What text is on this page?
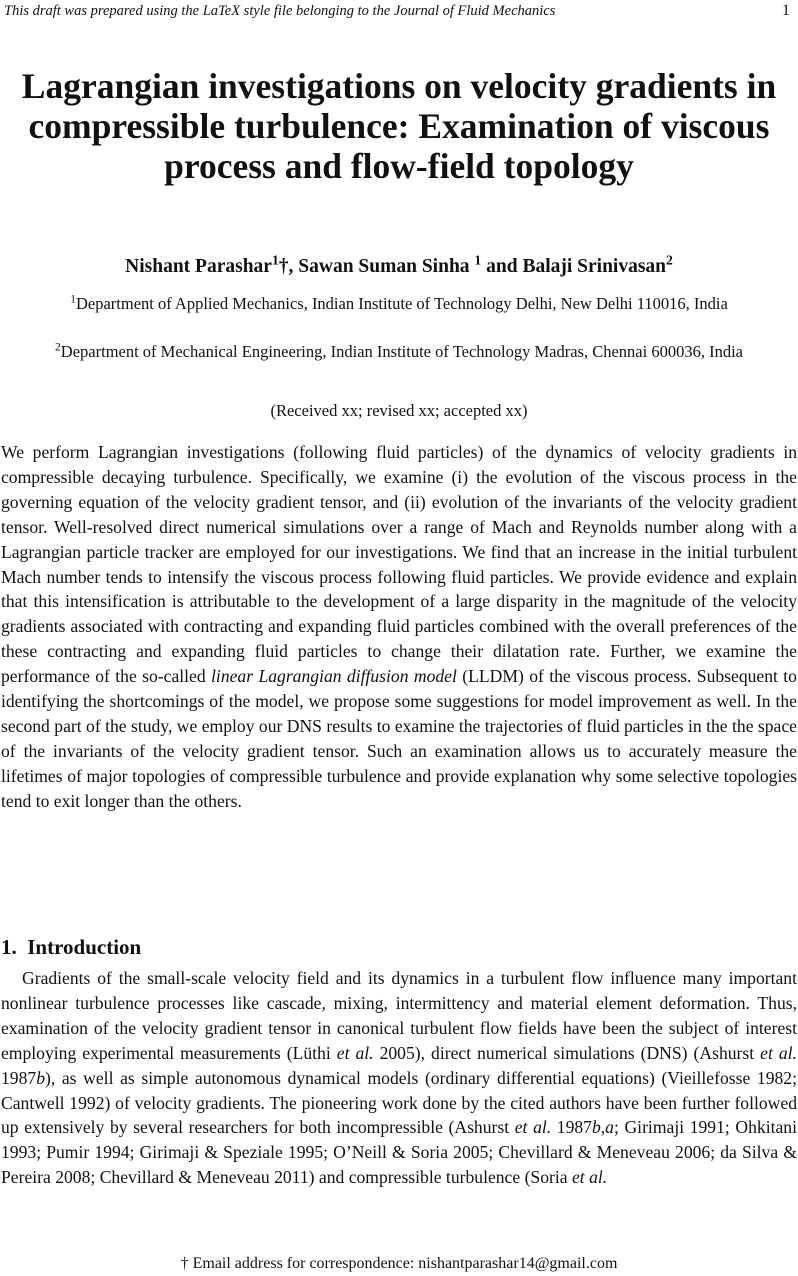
This draft was prepared using the LaTeX style file belonging to the Journal of Fluid Mechanics	1
Lagrangian investigations on velocity gradients in compressible turbulence: Examination of viscous process and flow-field topology
Nishant Parashar$^1$†, Sawan Suman Sinha $^1$ and Balaji Srinivasan$^2$
$^1$Department of Applied Mechanics, Indian Institute of Technology Delhi, New Delhi 110016, India
$^2$Department of Mechanical Engineering, Indian Institute of Technology Madras, Chennai 600036, India
(Received xx; revised xx; accepted xx)
We perform Lagrangian investigations (following fluid particles) of the dynamics of velocity gradients in compressible decaying turbulence. Specifically, we examine (i) the evolution of the viscous process in the governing equation of the velocity gradient tensor, and (ii) evolution of the invariants of the velocity gradient tensor. Well-resolved direct numerical simulations over a range of Mach and Reynolds number along with a Lagrangian particle tracker are employed for our investigations. We find that an increase in the initial turbulent Mach number tends to intensify the viscous process following fluid particles. We provide evidence and explain that this intensification is attributable to the development of a large disparity in the magnitude of the velocity gradients associated with contracting and expanding fluid particles combined with the overall preferences of the these contracting and expanding fluid particles to change their dilatation rate. Further, we examine the performance of the so-called linear Lagrangian diffusion model (LLDM) of the viscous process. Subsequent to identifying the shortcomings of the model, we propose some suggestions for model improvement as well. In the second part of the study, we employ our DNS results to examine the trajectories of fluid particles in the the space of the invariants of the velocity gradient tensor. Such an examination allows us to accurately measure the lifetimes of major topologies of compressible turbulence and provide explanation why some selective topologies tend to exit longer than the others.
1. Introduction
Gradients of the small-scale velocity field and its dynamics in a turbulent flow influence many important nonlinear turbulence processes like cascade, mixing, intermittency and material element deformation. Thus, examination of the velocity gradient tensor in canonical turbulent flow fields have been the subject of interest employing experimental measurements (Lüthi et al. 2005), direct numerical simulations (DNS) (Ashurst et al. 1987b), as well as simple autonomous dynamical models (ordinary differential equations) (Vieillefosse 1982; Cantwell 1992) of velocity gradients. The pioneering work done by the cited authors have been further followed up extensively by several researchers for both incompressible (Ashurst et al. 1987b,a; Girimaji 1991; Ohkitani 1993; Pumir 1994; Girimaji & Speziale 1995; O’Neill & Soria 2005; Chevillard & Meneveau 2006; da Silva & Pereira 2008; Chevillard & Meneveau 2011) and compressible turbulence (Soria et al.
† Email address for correspondence: nishantparashar14@gmail.com
